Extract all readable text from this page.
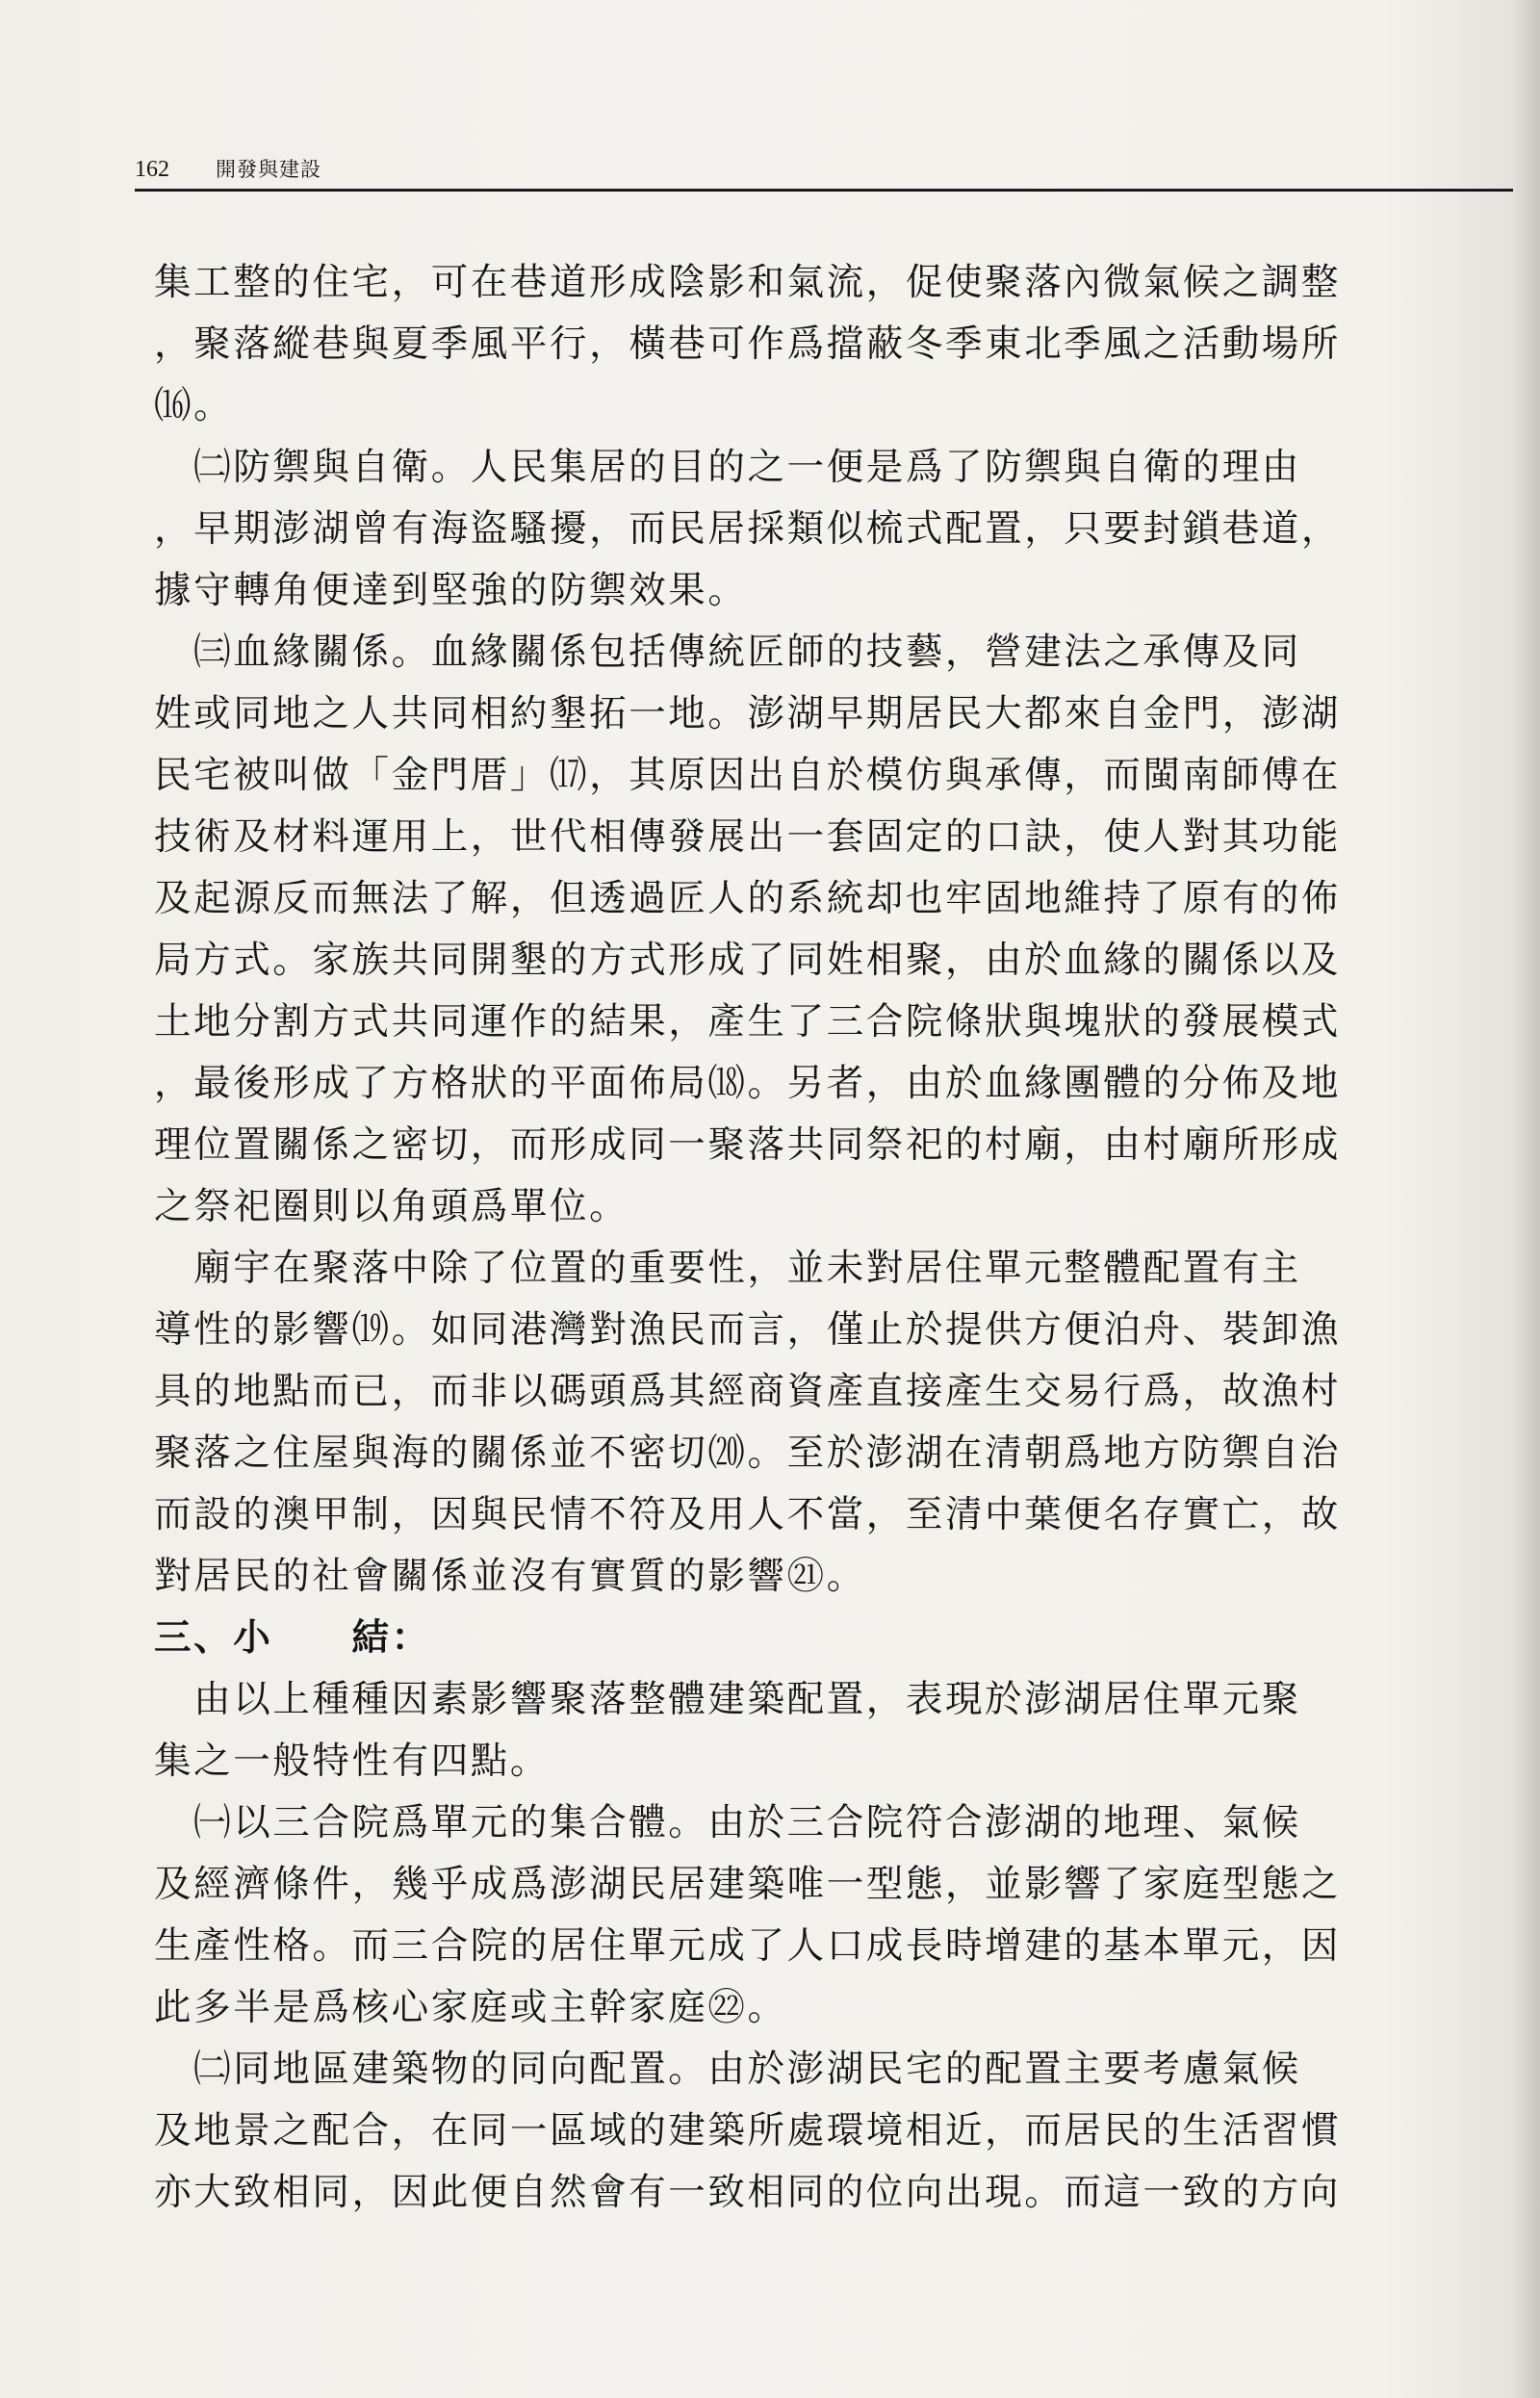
162 開發與建設
集工整的住宅，可在巷道形成陰影和氣流，促使聚落內微氣候之調整
，聚落縱巷與夏季風平行，橫巷可作爲擋蔽冬季東北季風之活動場所
⒃。
　㈡防禦與自衛。人民集居的目的之一便是爲了防禦與自衛的理由
，早期澎湖曾有海盜騷擾，而民居採類似梳式配置，只要封鎖巷道，
據守轉角便達到堅強的防禦效果。
　㈢血緣關係。血緣關係包括傳統匠師的技藝，營建法之承傳及同
姓或同地之人共同相約墾拓一地。澎湖早期居民大都來自金門，澎湖
民宅被叫做「金門厝」⒄，其原因出自於模仿與承傳，而閩南師傅在
技術及材料運用上，世代相傳發展出一套固定的口訣，使人對其功能
及起源反而無法了解，但透過匠人的系統却也牢固地維持了原有的佈
局方式。家族共同開墾的方式形成了同姓相聚，由於血緣的關係以及
土地分割方式共同運作的結果，產生了三合院條狀與塊狀的發展模式
，最後形成了方格狀的平面佈局⒅。另者，由於血緣團體的分佈及地
理位置關係之密切，而形成同一聚落共同祭祀的村廟，由村廟所形成
之祭祀圈則以角頭爲單位。
　廟宇在聚落中除了位置的重要性，並未對居住單元整體配置有主
導性的影響⒆。如同港灣對漁民而言，僅止於提供方便泊舟、裝卸漁
具的地點而已，而非以碼頭爲其經商資產直接產生交易行爲，故漁村
聚落之住屋與海的關係並不密切⒇。至於澎湖在清朝爲地方防禦自治
而設的澳甲制，因與民情不符及用人不當，至清中葉便名存實亡，故
對居民的社會關係並沒有實質的影響㉑。
三、小　　結：
　由以上種種因素影響聚落整體建築配置，表現於澎湖居住單元聚
集之一般特性有四點。
　㈠以三合院爲單元的集合體。由於三合院符合澎湖的地理、氣候
及經濟條件，幾乎成爲澎湖民居建築唯一型態，並影響了家庭型態之
生產性格。而三合院的居住單元成了人口成長時增建的基本單元，因
此多半是爲核心家庭或主幹家庭㉒。
　㈡同地區建築物的同向配置。由於澎湖民宅的配置主要考慮氣候
及地景之配合，在同一區域的建築所處環境相近，而居民的生活習慣
亦大致相同，因此便自然會有一致相同的位向出現。而這一致的方向
